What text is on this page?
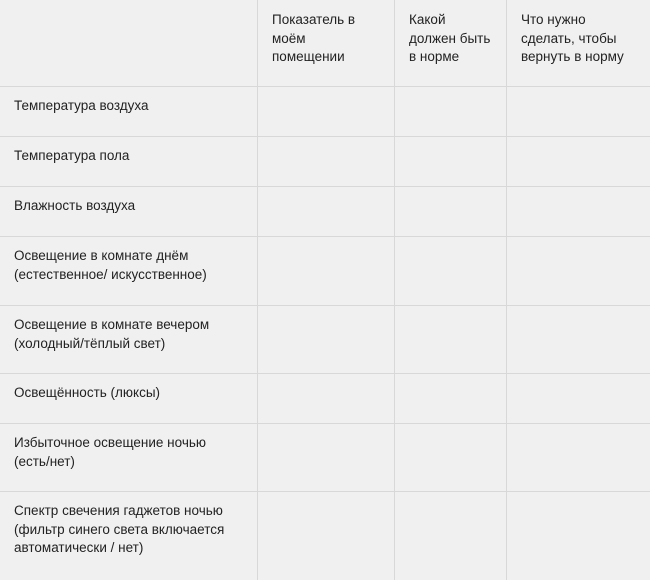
Показатель в
моём
помещении
Какой
должен быть
в норме
Что нужно
сделать, чтобы
вернуть в норму
Температура воздуха
Температура пола
Влажность воздуха
Освещение в комнате днём
(естественное/ искусственное)
Освещение в комнате вечером
(холодный/тёплый свет)
Освещённость (люксы)
Избыточное освещение ночью
(есть/нет)
Спектр свечения гаджетов ночью
(фильтр синего света включается
автоматически / нет)
